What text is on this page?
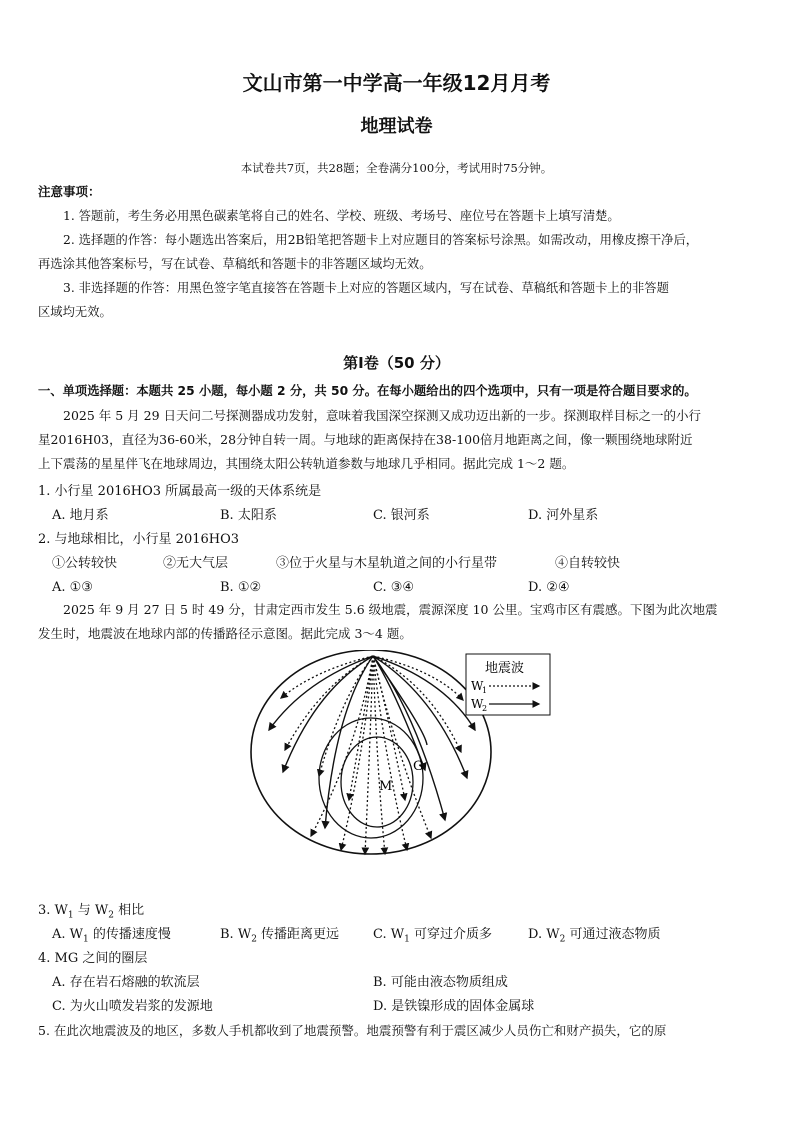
文山市第一中学高一年级12月月考
地理试卷
本试卷共7页，共28题；全卷满分100分，考试用时75分钟。
注意事项：
1. 答题前，考生务必用黑色碳素笔将自己的姓名、学校、班级、考场号、座位号在答题卡上填写清楚。
2. 选择题的作答：每小题选出答案后，用2B铅笔把答题卡上对应题目的答案标号涂黑。如需改动，用橡皮擦干净后，
再选涂其他答案标号，写在试卷、草稿纸和答题卡的非答题区域均无效。
3. 非选择题的作答：用黑色签字笔直接答在答题卡上对应的答题区域内，写在试卷、草稿纸和答题卡上的非答题
区域均无效。
第Ⅰ卷（50 分）
一、单项选择题：本题共 25 小题，每小题 2 分，共 50 分。在每小题给出的四个选项中，只有一项是符合题目要求的。
2025 年 5 月 29 日天问二号探测器成功发射，意味着我国深空探测又成功迈出新的一步。探测取样目标之一的小行
星2016H03，直径为36-60米，28分钟自转一周。与地球的距离保持在38-100倍月地距离之间，像一颗围绕地球附近
上下震荡的星星伴飞在地球周边，其围绕太阳公转轨道参数与地球几乎相同。据此完成 1～2 题。
1. 小行星 2016HO3 所属最高一级的天体系统是
A. 地月系	B. 太阳系	C. 银河系	D. 河外星系
2. 与地球相比，小行星 2016HO3
①公转较快	②无大气层	③位于火星与木星轨道之间的小行星带	④自转较快
A. ①③	B. ①②	C. ③④	D. ②④
2025 年 9 月 27 日 5 时 49 分，甘肃定西市发生 5.6 级地震，震源深度 10 公里。宝鸡市区有震感。下图为此次地震
发生时，地震波在地球内部的传播路径示意图。据此完成 3～4 题。
M
G
地震波
W
1
W
2
3. $W_1$ 与 $W_2$ 相比
A. $W_1$ 的传播速度慢	B. $W_2$ 传播距离更远	C. $W_1$ 可穿过介质多	D. $W_2$ 可通过液态物质
4. MG 之间的圈层
A. 存在岩石熔融的软流层	B. 可能由液态物质组成
C. 为火山喷发岩浆的发源地	D. 是铁镍形成的固体金属球
5. 在此次地震波及的地区，多数人手机都收到了地震预警。地震预警有利于震区减少人员伤亡和财产损失，它的原
